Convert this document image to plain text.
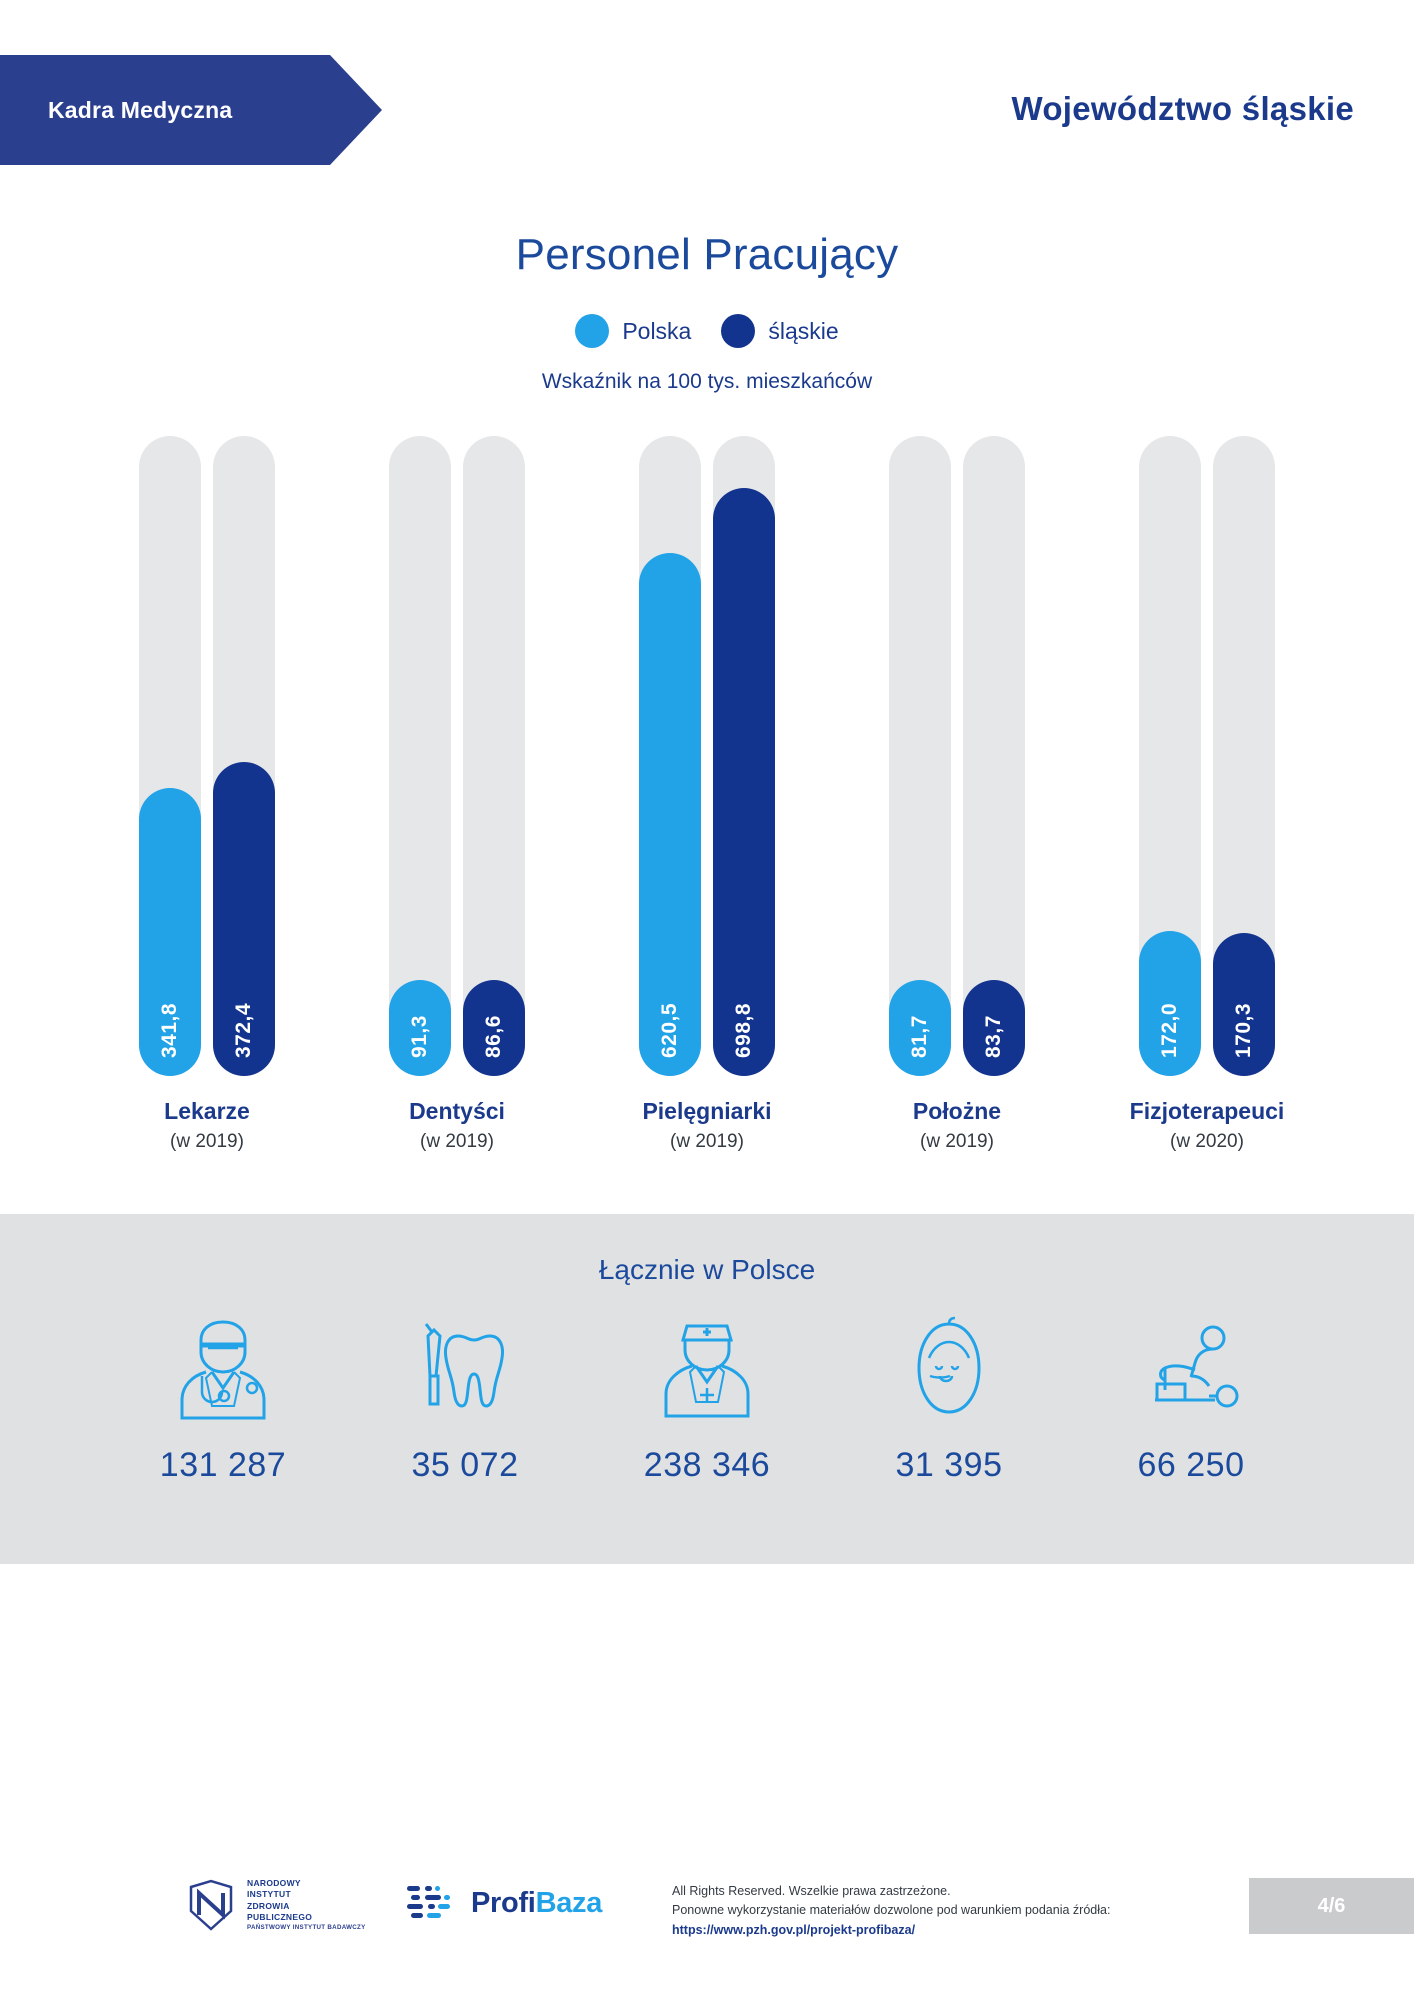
Kadra Medyczna	Województwo śląskie
Personel Pracujący
Polska	śląskie
Wskaźnik na 100 tys. mieszkańców
341,8	372,4	91,3	86,6	620,5	698,8	81,7	83,7	172,0	170,3
Lekarze
(w 2019)
Dentyści
(w 2019)
Pielęgniarki
(w 2019)
Położne
(w 2019)
Fizjoterapeuci
(w 2020)
Łącznie w Polsce
131 287	35 072	238 346	31 395	66 250
NARODOWY
INSTYTUT
ZDROWIA
PUBLICZNEGO
PAŃSTWOWY INSTYTUT BADAWCZY
ProfiBaza	All Rights Reserved. Wszelkie prawa zastrzeżone.
Ponowne wykorzystanie materiałów dozwolone pod warunkiem podania źródła:
https://www.pzh.gov.pl/projekt-profibaza/
4/6
